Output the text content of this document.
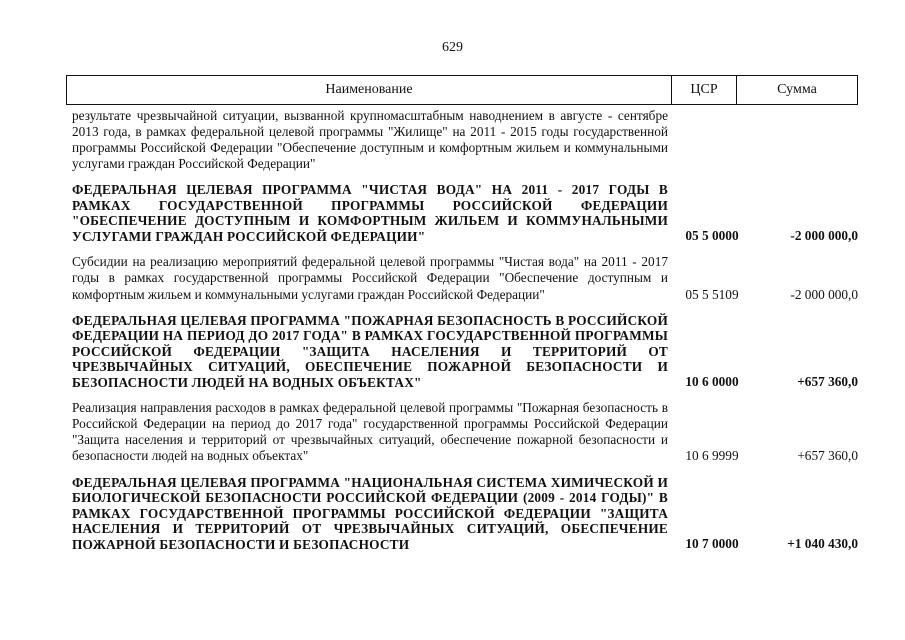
629
Наименование	ЦСР	Сумма
результате чрезвычайной ситуации, вызванной крупномасштабным наводнением в августе - сентябре 2013 года, в рамках федеральной целевой программы "Жилище" на 2011 - 2015 годы государственной программы Российской Федерации "Обеспечение доступным и комфортным жильем и коммунальными услугами граждан Российской Федерации"
ФЕДЕРАЛЬНАЯ ЦЕЛЕВАЯ ПРОГРАММА "ЧИСТАЯ ВОДА" НА 2011 - 2017 ГОДЫ В РАМКАХ ГОСУДАРСТВЕННОЙ ПРОГРАММЫ РОССИЙСКОЙ ФЕДЕРАЦИИ "ОБЕСПЕЧЕНИЕ ДОСТУПНЫМ И КОМФОРТНЫМ ЖИЛЬЕМ И КОММУНАЛЬНЫМИ УСЛУГАМИ ГРАЖДАН РОССИЙСКОЙ ФЕДЕРАЦИИ"	05 5 0000	-2 000 000,0
Субсидии на реализацию мероприятий федеральной целевой программы "Чистая вода" на 2011 - 2017 годы в рамках государственной программы Российской Федерации "Обеспечение доступным и комфортным жильем и коммунальными услугами граждан Российской Федерации"	05 5 5109	-2 000 000,0
ФЕДЕРАЛЬНАЯ ЦЕЛЕВАЯ ПРОГРАММА "ПОЖАРНАЯ БЕЗОПАСНОСТЬ В РОССИЙСКОЙ ФЕДЕРАЦИИ НА ПЕРИОД ДО 2017 ГОДА" В РАМКАХ ГОСУДАРСТВЕННОЙ ПРОГРАММЫ РОССИЙСКОЙ ФЕДЕРАЦИИ "ЗАЩИТА НАСЕЛЕНИЯ И ТЕРРИТОРИЙ ОТ ЧРЕЗВЫЧАЙНЫХ СИТУАЦИЙ, ОБЕСПЕЧЕНИЕ ПОЖАРНОЙ БЕЗОПАСНОСТИ И БЕЗОПАСНОСТИ ЛЮДЕЙ НА ВОДНЫХ ОБЪЕКТАХ"	10 6 0000	+657 360,0
Реализация направления расходов в рамках федеральной целевой программы "Пожарная безопасность в Российской Федерации на период до 2017 года" государственной программы Российской Федерации "Защита населения и территорий от чрезвычайных ситуаций, обеспечение пожарной безопасности и безопасности людей на водных объектах"	10 6 9999	+657 360,0
ФЕДЕРАЛЬНАЯ ЦЕЛЕВАЯ ПРОГРАММА "НАЦИОНАЛЬНАЯ СИСТЕМА ХИМИЧЕСКОЙ И БИОЛОГИЧЕСКОЙ БЕЗОПАСНОСТИ РОССИЙСКОЙ ФЕДЕРАЦИИ (2009 - 2014 ГОДЫ)" В РАМКАХ ГОСУДАРСТВЕННОЙ ПРОГРАММЫ РОССИЙСКОЙ ФЕДЕРАЦИИ "ЗАЩИТА НАСЕЛЕНИЯ И ТЕРРИТОРИЙ ОТ ЧРЕЗВЫЧАЙНЫХ СИТУАЦИЙ, ОБЕСПЕЧЕНИЕ ПОЖАРНОЙ БЕЗОПАСНОСТИ И БЕЗОПАСНОСТИ	10 7 0000	+1 040 430,0
